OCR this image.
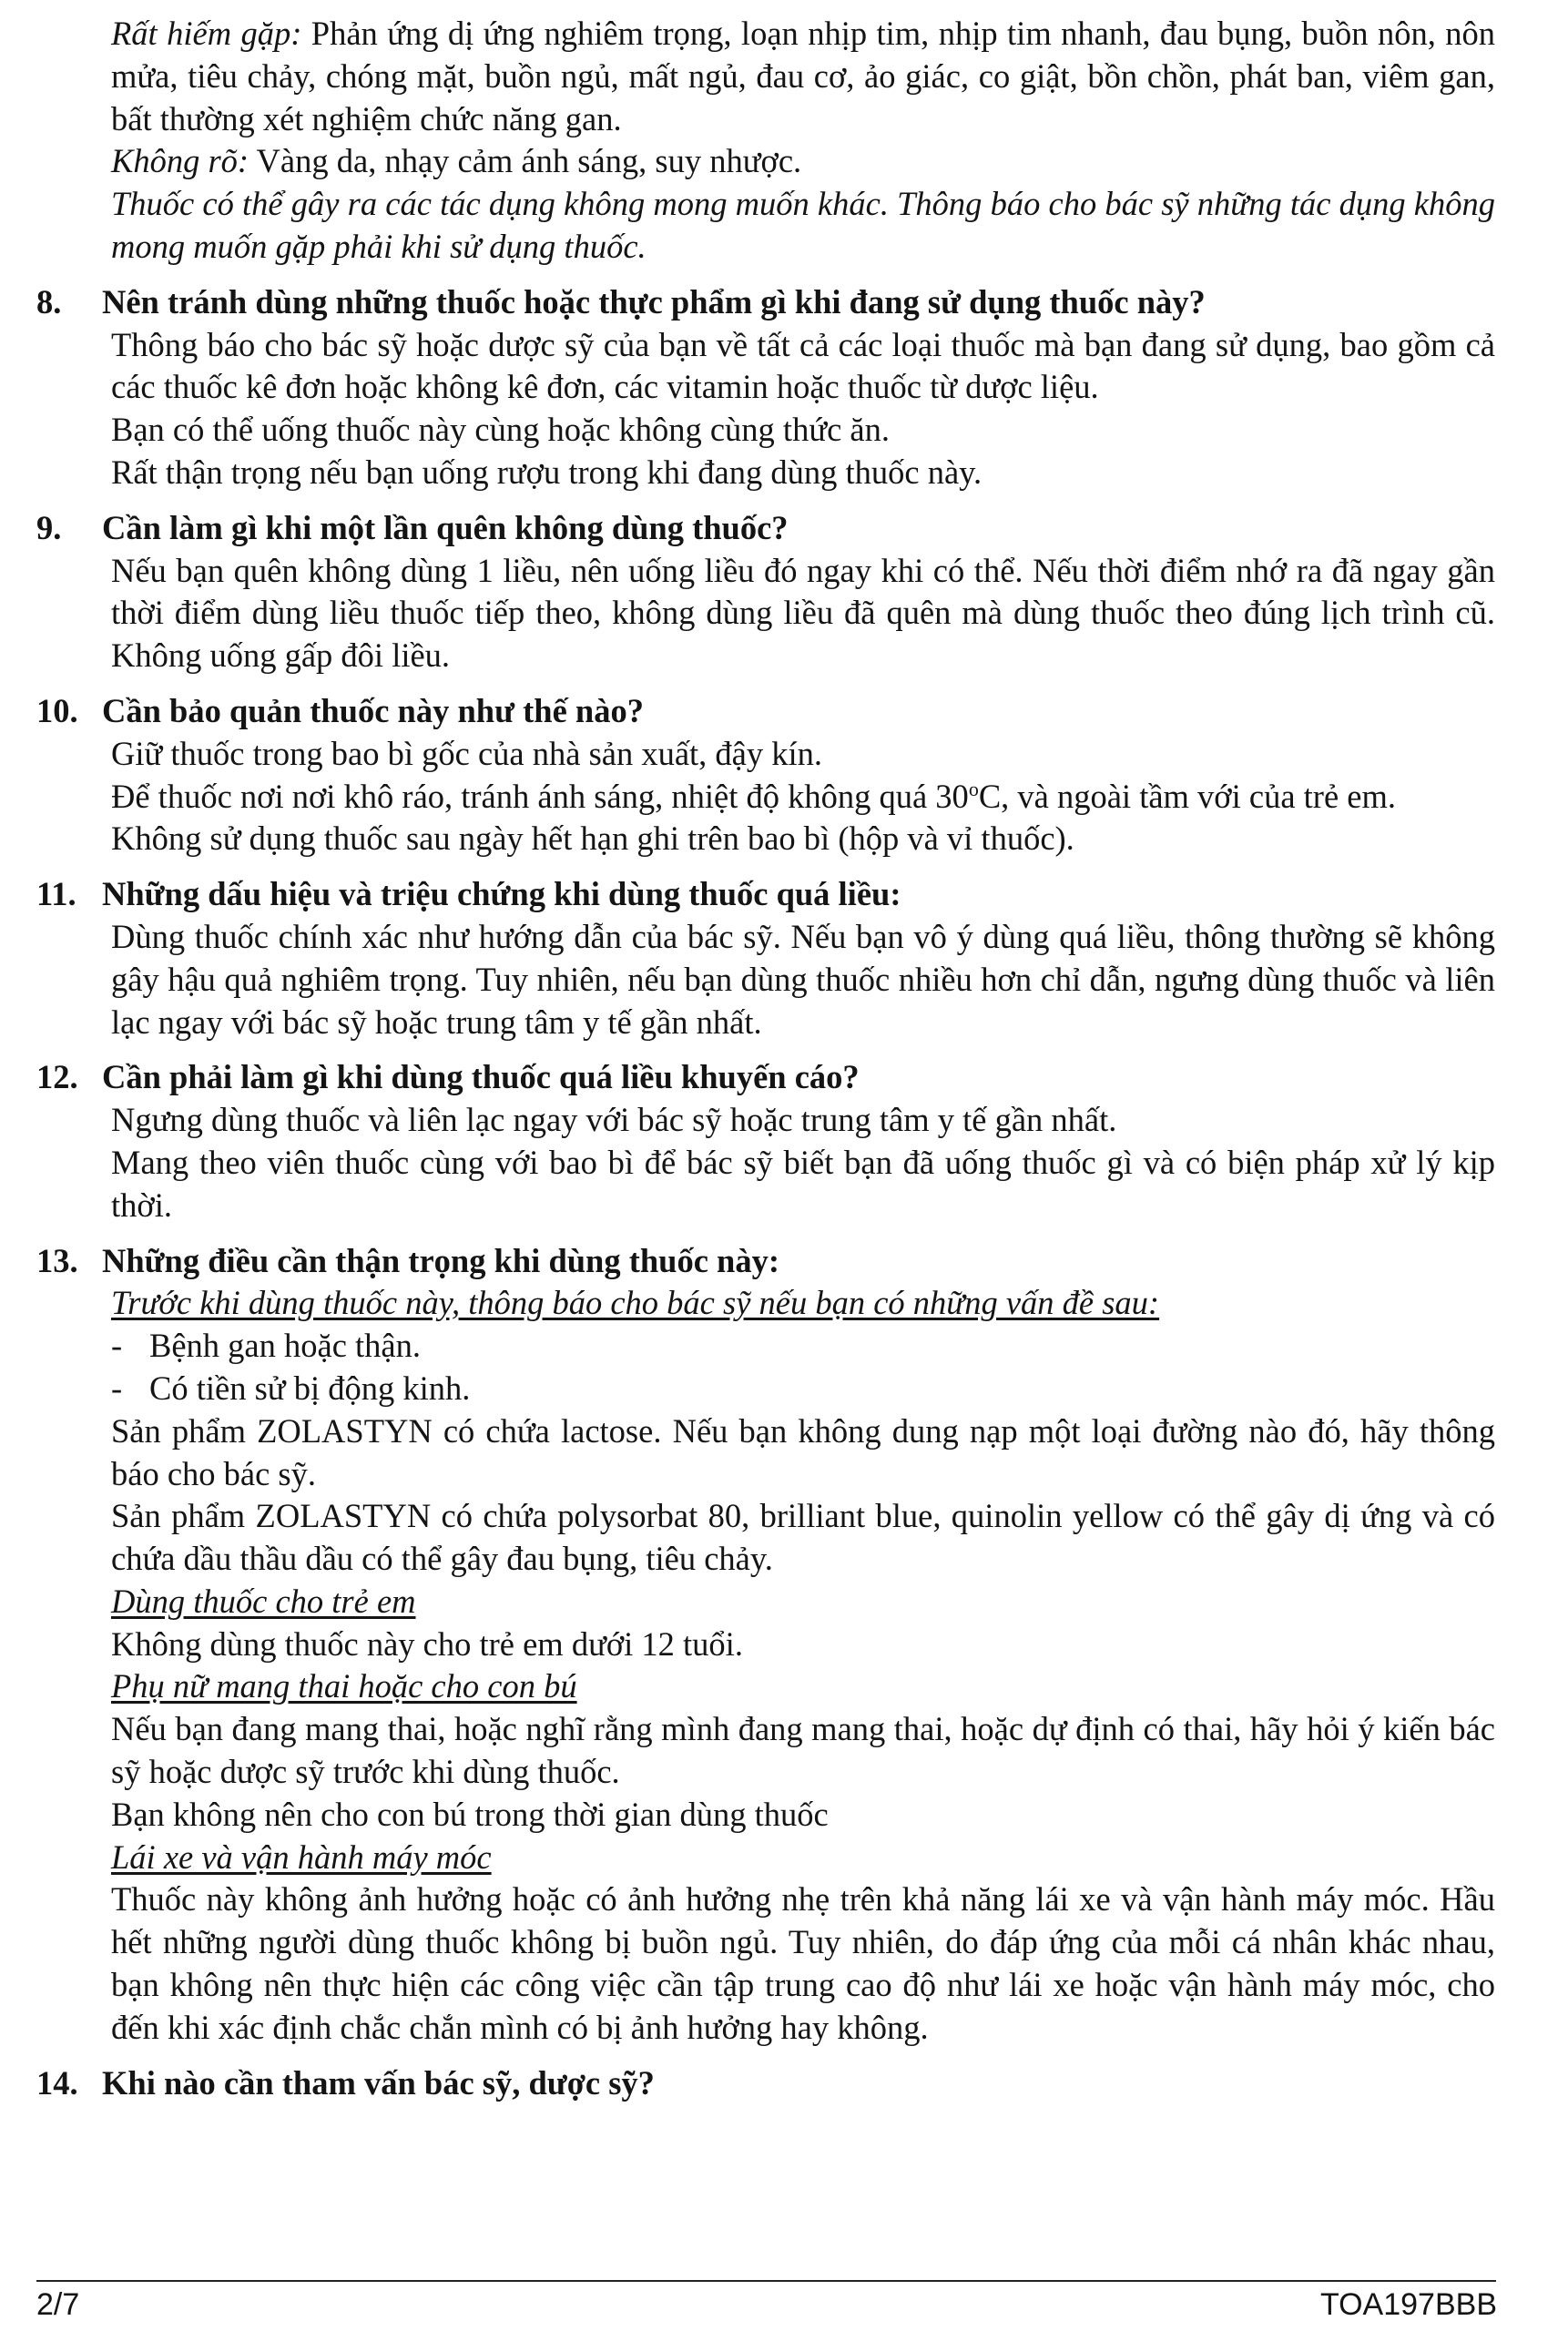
Rất hiếm gặp: Phản ứng dị ứng nghiêm trọng, loạn nhịp tim, nhịp tim nhanh, đau bụng, buồn nôn, nôn mửa, tiêu chảy, chóng mặt, buồn ngủ, mất ngủ, đau cơ, ảo giác, co giật, bồn chồn, phát ban, viêm gan, bất thường xét nghiệm chức năng gan.

Không rõ: Vàng da, nhạy cảm ánh sáng, suy nhược.

Thuốc có thể gây ra các tác dụng không mong muốn khác. Thông báo cho bác sỹ những tác dụng không mong muốn gặp phải khi sử dụng thuốc.

8.	Nên tránh dùng những thuốc hoặc thực phẩm gì khi đang sử dụng thuốc này?

Thông báo cho bác sỹ hoặc dược sỹ của bạn về tất cả các loại thuốc mà bạn đang sử dụng, bao gồm cả các thuốc kê đơn hoặc không kê đơn, các vitamin hoặc thuốc từ dược liệu.

Bạn có thể uống thuốc này cùng hoặc không cùng thức ăn.

Rất thận trọng nếu bạn uống rượu trong khi đang dùng thuốc này.

9.	Cần làm gì khi một lần quên không dùng thuốc?

Nếu bạn quên không dùng 1 liều, nên uống liều đó ngay khi có thể. Nếu thời điểm nhớ ra đã ngay gần thời điểm dùng liều thuốc tiếp theo, không dùng liều đã quên mà dùng thuốc theo đúng lịch trình cũ. Không uống gấp đôi liều.

10. Cần bảo quản thuốc này như thế nào?

Giữ thuốc trong bao bì gốc của nhà sản xuất, đậy kín.

Để thuốc nơi nơi khô ráo, tránh ánh sáng, nhiệt độ không quá 30$^o$C, và ngoài tầm với của trẻ em.

Không sử dụng thuốc sau ngày hết hạn ghi trên bao bì (hộp và vỉ thuốc).

11. Những dấu hiệu và triệu chứng khi dùng thuốc quá liều:

Dùng thuốc chính xác như hướng dẫn của bác sỹ. Nếu bạn vô ý dùng quá liều, thông thường sẽ không gây hậu quả nghiêm trọng. Tuy nhiên, nếu bạn dùng thuốc nhiều hơn chỉ dẫn, ngưng dùng thuốc và liên lạc ngay với bác sỹ hoặc trung tâm y tế gần nhất.

12. Cần phải làm gì khi dùng thuốc quá liều khuyến cáo?

Ngưng dùng thuốc và liên lạc ngay với bác sỹ hoặc trung tâm y tế gần nhất.

Mang theo viên thuốc cùng với bao bì để bác sỹ biết bạn đã uống thuốc gì và có biện pháp xử lý kịp thời.

13. Những điều cần thận trọng khi dùng thuốc này:

Trước khi dùng thuốc này, thông báo cho bác sỹ nếu bạn có những vấn đề sau:

- Bệnh gan hoặc thận.

- Có tiền sử bị động kinh.

Sản phẩm ZOLASTYN có chứa lactose. Nếu bạn không dung nạp một loại đường nào đó, hãy thông báo cho bác sỹ.

Sản phẩm ZOLASTYN có chứa polysorbat 80, brilliant blue, quinolin yellow có thể gây dị ứng và có chứa dầu thầu dầu có thể gây đau bụng, tiêu chảy.

Dùng thuốc cho trẻ em

Không dùng thuốc này cho trẻ em dưới 12 tuổi.

Phụ nữ mang thai hoặc cho con bú

Nếu bạn đang mang thai, hoặc nghĩ rằng mình đang mang thai, hoặc dự định có thai, hãy hỏi ý kiến bác sỹ hoặc dược sỹ trước khi dùng thuốc.

Bạn không nên cho con bú trong thời gian dùng thuốc

Lái xe và vận hành máy móc

Thuốc này không ảnh hưởng hoặc có ảnh hưởng nhẹ trên khả năng lái xe và vận hành máy móc. Hầu hết những người dùng thuốc không bị buồn ngủ. Tuy nhiên, do đáp ứng của mỗi cá nhân khác nhau, bạn không nên thực hiện các công việc cần tập trung cao độ như lái xe hoặc vận hành máy móc, cho đến khi xác định chắc chắn mình có bị ảnh hưởng hay không.

14. Khi nào cần tham vấn bác sỹ, dược sỹ?

2/7	TOA197BBB
